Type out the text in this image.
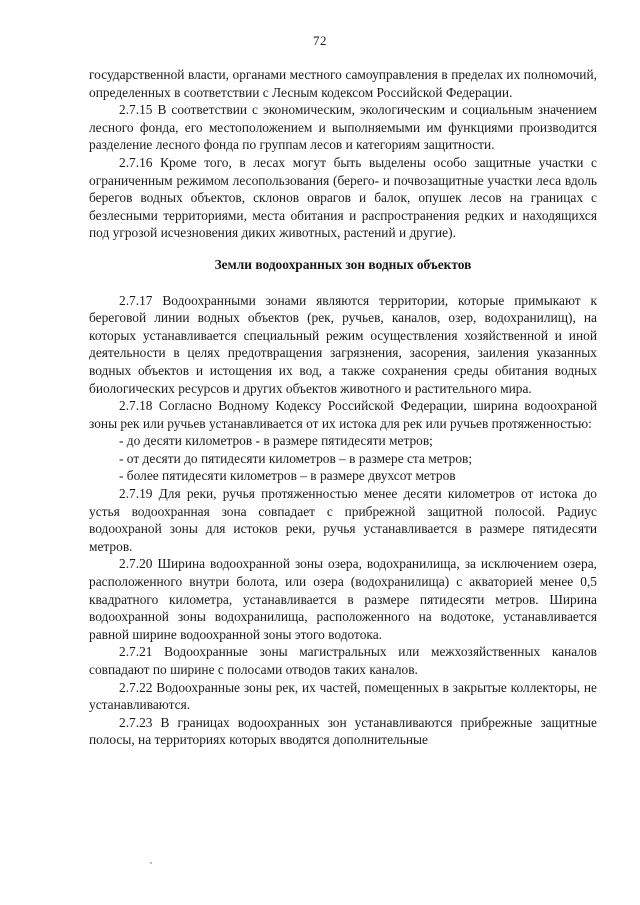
72

государственной власти, органами местного самоуправления в пределах их полномочий, определенных в соответствии с Лесным кодексом Российской Федерации.

2.7.15 В соответствии с экономическим, экологическим и социальным значением лесного фонда, его местоположением и выполняемыми им функциями производится разделение лесного фонда по группам лесов и категориям защитности.

2.7.16 Кроме того, в лесах могут быть выделены особо защитные участки с ограниченным режимом лесопользования (берего- и почвозащитные участки леса вдоль берегов водных объектов, склонов оврагов и балок, опушек лесов на границах с безлесными территориями, места обитания и распространения редких и находящихся под угрозой исчезновения диких животных, растений и другие).

Земли водоохранных зон водных объектов

2.7.17 Водоохранными зонами являются территории, которые примыкают к береговой линии водных объектов (рек, ручьев, каналов, озер, водохранилищ), на которых устанавливается специальный режим осуществления хозяйственной и иной деятельности в целях предотвращения загрязнения, засорения, заиления указанных водных объектов и истощения их вод, а также сохранения среды обитания водных биологических ресурсов и других объектов животного и растительного мира.

2.7.18 Согласно Водному Кодексу Российской Федерации, ширина водоохраной зоны рек или ручьев устанавливается от их истока для рек или ручьев протяженностью:

- до десяти километров - в размере пятидесяти метров;

- от десяти до пятидесяти километров – в размере ста метров;

- более пятидесяти километров – в размере двухсот метров

2.7.19 Для реки, ручья протяженностью менее десяти километров от истока до устья водоохранная зона совпадает с прибрежной защитной полосой. Радиус водоохраной зоны для истоков реки, ручья устанавливается в размере пятидесяти метров.

2.7.20 Ширина водоохранной зоны озера, водохранилища, за исключением озера, расположенного внутри болота, или озера (водохранилища) с акваторией менее 0,5 квадратного километра, устанавливается в размере пятидесяти метров. Ширина водоохранной зоны водохранилища, расположенного на водотоке, устанавливается равной ширине водоохранной зоны этого водотока.

2.7.21 Водоохранные зоны магистральных или межхозяйственных каналов совпадают по ширине с полосами отводов таких каналов.

2.7.22 Водоохранные зоны рек, их частей, помещенных в закрытые коллекторы, не устанавливаются.

2.7.23 В границах водоохранных зон устанавливаются прибрежные защитные полосы, на территориях которых вводятся дополнительные
